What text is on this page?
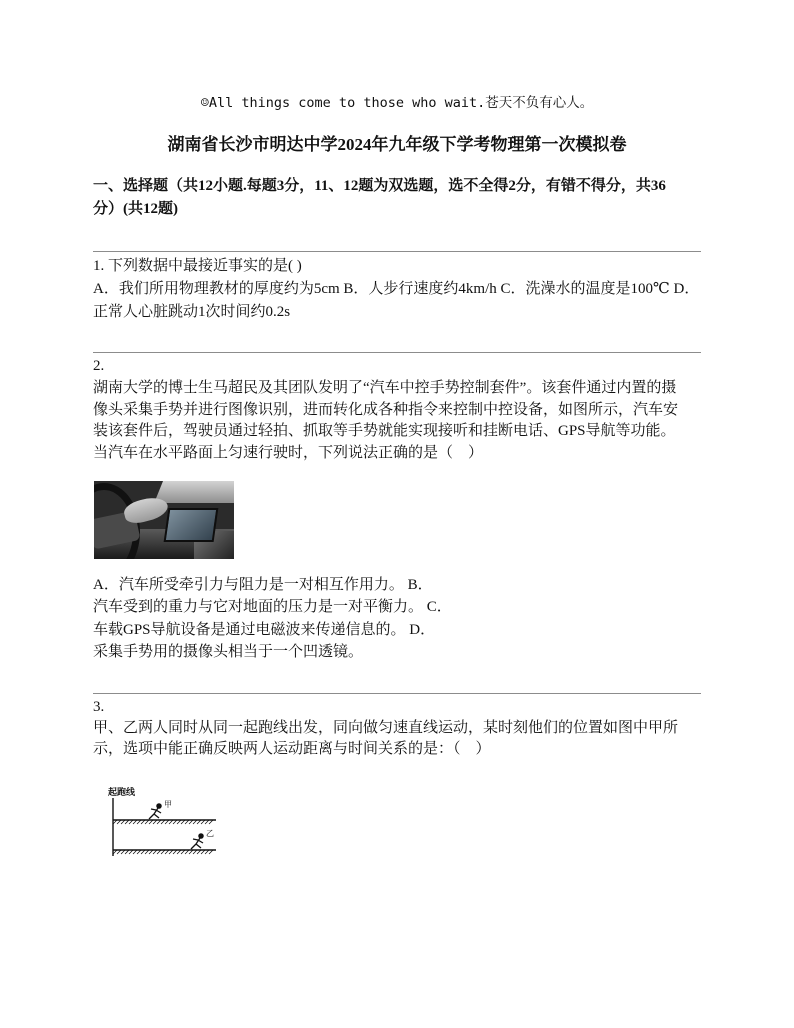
☺All things come to those who wait.苍天不负有心人。
湖南省长沙市明达中学2024年九年级下学考物理第一次模拟卷
一、选择题（共12小题.每题3分，11、12题为双选题，选不全得2分，有错不得分，共36
分）(共12题)
1. 下列数据中最接近事实的是( )
A．我们所用物理教材的厚度约为5cm B．人步行速度约4km/h C．洗澡水的温度是100℃ D．
正常人心脏跳动1次时间约0.2s
2.
湖南大学的博士生马超民及其团队发明了“汽车中控手势控制套件”。该套件通过内置的摄
像头采集手势并进行图像识别，进而转化成各种指令来控制中控设备，如图所示，汽车安
装该套件后，驾驶员通过轻拍、抓取等手势就能实现接听和挂断电话、GPS导航等功能。
当汽车在水平路面上匀速行驶时，下列说法正确的是（　）
A．汽车所受牵引力与阻力是一对相互作用力。 B．
汽车受到的重力与它对地面的压力是一对平衡力。 C．
车载GPS导航设备是通过电磁波来传递信息的。 D．
采集手势用的摄像头相当于一个凹透镜。
3.
甲、乙两人同时从同一起跑线出发，同向做匀速直线运动，某时刻他们的位置如图中甲所
示，选项中能正确反映两人运动距离与时间关系的是：（　）
起跑线
甲
乙
